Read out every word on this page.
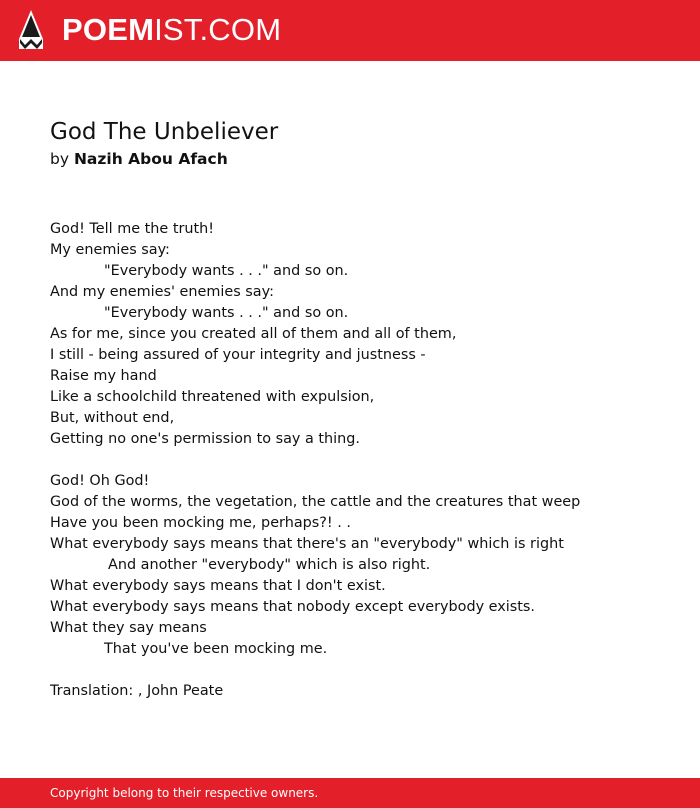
POEMIST.COM
God The Unbeliever

by Nazih Abou Afach

God! Tell me the truth!
My enemies say:
"Everybody wants . . ." and so on.
And my enemies' enemies say:
"Everybody wants . . ." and so on.
As for me, since you created all of them and all of them,
I still - being assured of your integrity and justness -
Raise my hand
Like a schoolchild threatened with expulsion,
But, without end,
Getting no one's permission to say a thing.
God! Oh God!
God of the worms, the vegetation, the cattle and the creatures that weep
Have you been mocking me, perhaps?! . .
What everybody says means that there's an "everybody" which is right
And another "everybody" which is also right.
What everybody says means that I don't exist.
What everybody says means that nobody except everybody exists.
What they say means
That you've been mocking me.
Translation: , John Peate
Copyright belong to their respective owners.
